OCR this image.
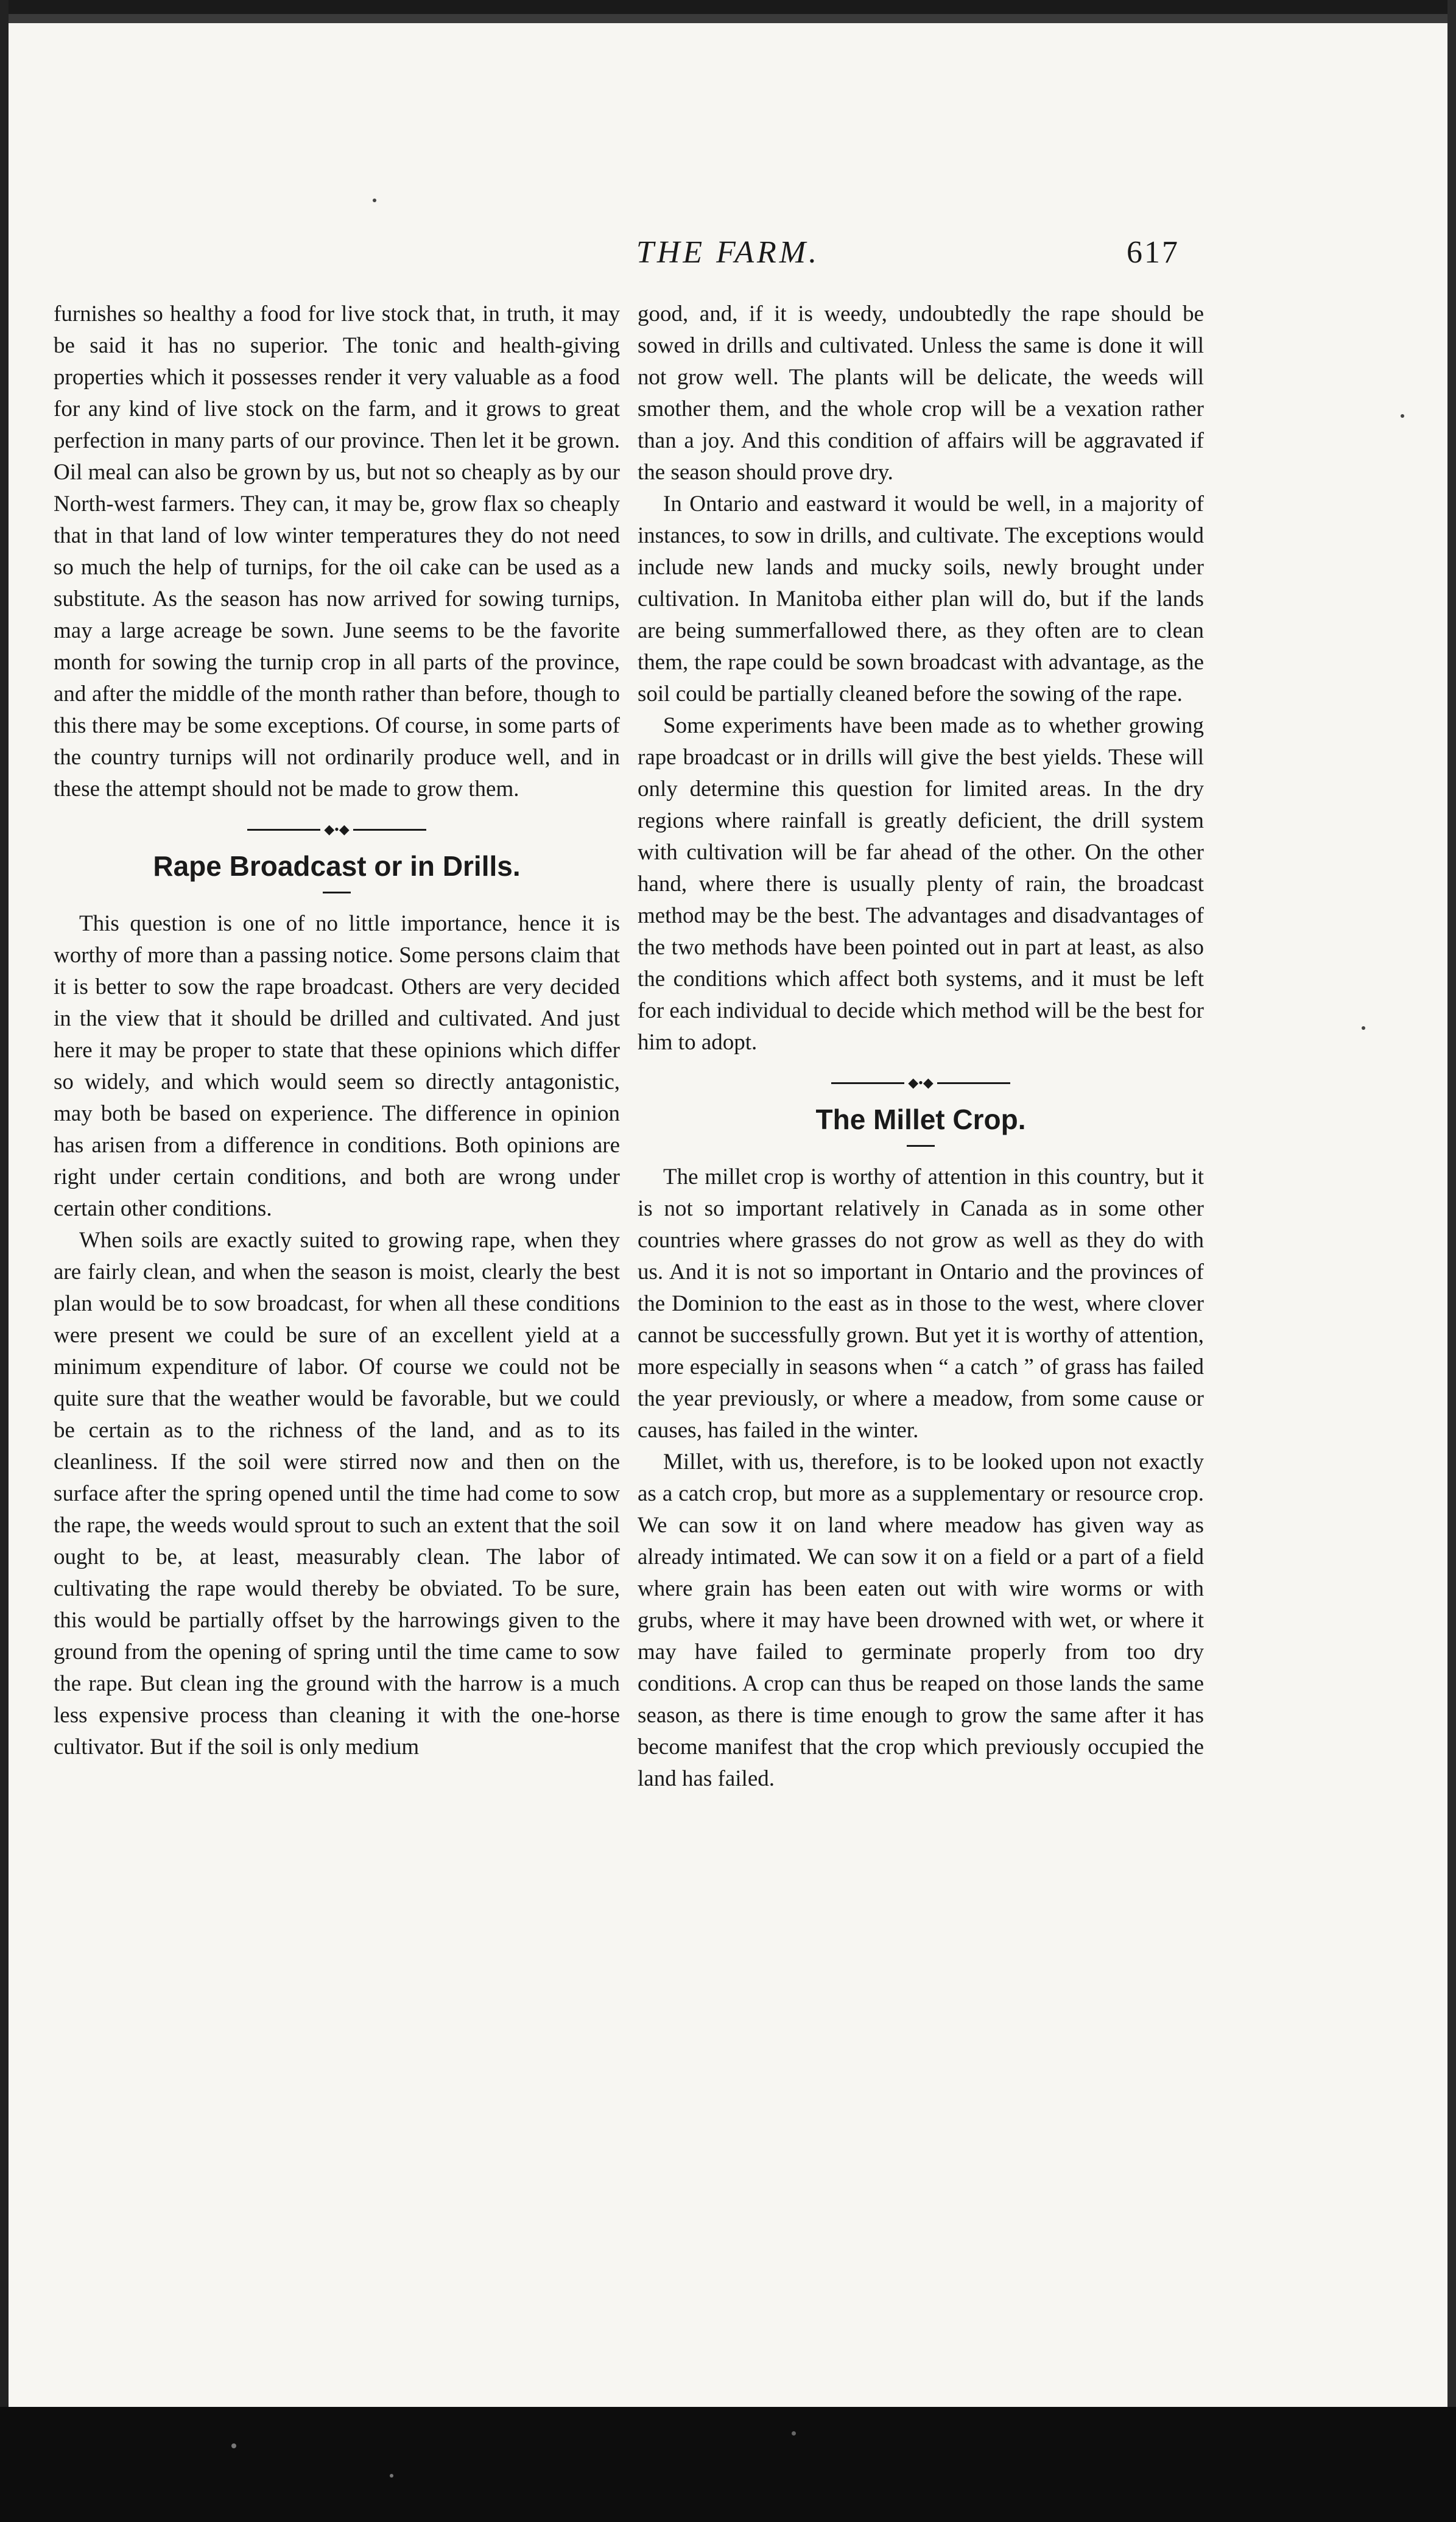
THE FARM.	617

furnishes so healthy a food for live stock that, in truth, it may be said it has no superior. The tonic and health-giving properties which it possesses render it very valuable as a food for any kind of live stock on the farm, and it grows to great perfection in many parts of our province. Then let it be grown. Oil meal can also be grown by us, but not so cheaply as by our North-west farmers. They can, it may be, grow flax so cheaply that in that land of low winter temperatures they do not need so much the help of turnips, for the oil cake can be used as a substitute. As the season has now arrived for sowing turnips, may a large acreage be sown. June seems to be the favorite month for sowing the turnip crop in all parts of the province, and after the middle of the month rather than before, though to this there may be some exceptions. Of course, in some parts of the country turnips will not ordinarily produce well, and in these the attempt should not be made to grow them.

◆•◆
Rape Broadcast or in Drills.

This question is one of no little importance, hence it is worthy of more than a passing notice. Some persons claim that it is better to sow the rape broadcast. Others are very decided in the view that it should be drilled and cultivated. And just here it may be proper to state that these opinions which differ so widely, and which would seem so directly antagonistic, may both be based on experience. The difference in opinion has arisen from a difference in conditions. Both opinions are right under certain conditions, and both are wrong under certain other conditions.

When soils are exactly suited to growing rape, when they are fairly clean, and when the season is moist, clearly the best plan would be to sow broadcast, for when all these conditions were present we could be sure of an excellent yield at a minimum expenditure of labor. Of course we could not be quite sure that the weather would be favorable, but we could be certain as to the richness of the land, and as to its cleanliness. If the soil were stirred now and then on the surface after the spring opened until the time had come to sow the rape, the weeds would sprout to such an extent that the soil ought to be, at least, measurably clean. The labor of cultivating the rape would thereby be obviated. To be sure, this would be partially offset by the harrowings given to the ground from the opening of spring until the time came to sow the rape. But clean ing the ground with the harrow is a much less expensive process than cleaning it with the one-horse cultivator. But if the soil is only medium

good, and, if it is weedy, undoubtedly the rape should be sowed in drills and cultivated. Unless the same is done it will not grow well. The plants will be delicate, the weeds will smother them, and the whole crop will be a vexation rather than a joy. And this condition of affairs will be aggravated if the season should prove dry.

In Ontario and eastward it would be well, in a majority of instances, to sow in drills, and cultivate. The exceptions would include new lands and mucky soils, newly brought under cultivation. In Manitoba either plan will do, but if the lands are being summerfallowed there, as they often are to clean them, the rape could be sown broadcast with advantage, as the soil could be partially cleaned before the sowing of the rape.

Some experiments have been made as to whether growing rape broadcast or in drills will give the best yields. These will only determine this question for limited areas. In the dry regions where rainfall is greatly deficient, the drill system with cultivation will be far ahead of the other. On the other hand, where there is usually plenty of rain, the broadcast method may be the best. The advantages and disadvantages of the two methods have been pointed out in part at least, as also the conditions which affect both systems, and it must be left for each individual to decide which method will be the best for him to adopt.

◆•◆
The Millet Crop.

The millet crop is worthy of attention in this country, but it is not so important relatively in Canada as in some other countries where grasses do not grow as well as they do with us. And it is not so important in Ontario and the provinces of the Dominion to the east as in those to the west, where clover cannot be successfully grown. But yet it is worthy of attention, more especially in seasons when “ a catch ” of grass has failed the year previously, or where a meadow, from some cause or causes, has failed in the winter.

Millet, with us, therefore, is to be looked upon not exactly as a catch crop, but more as a supplementary or resource crop. We can sow it on land where meadow has given way as already intimated. We can sow it on a field or a part of a field where grain has been eaten out with wire worms or with grubs, where it may have been drowned with wet, or where it may have failed to germinate properly from too dry conditions. A crop can thus be reaped on those lands the same season, as there is time enough to grow the same after it has become manifest that the crop which previously occupied the land has failed.
